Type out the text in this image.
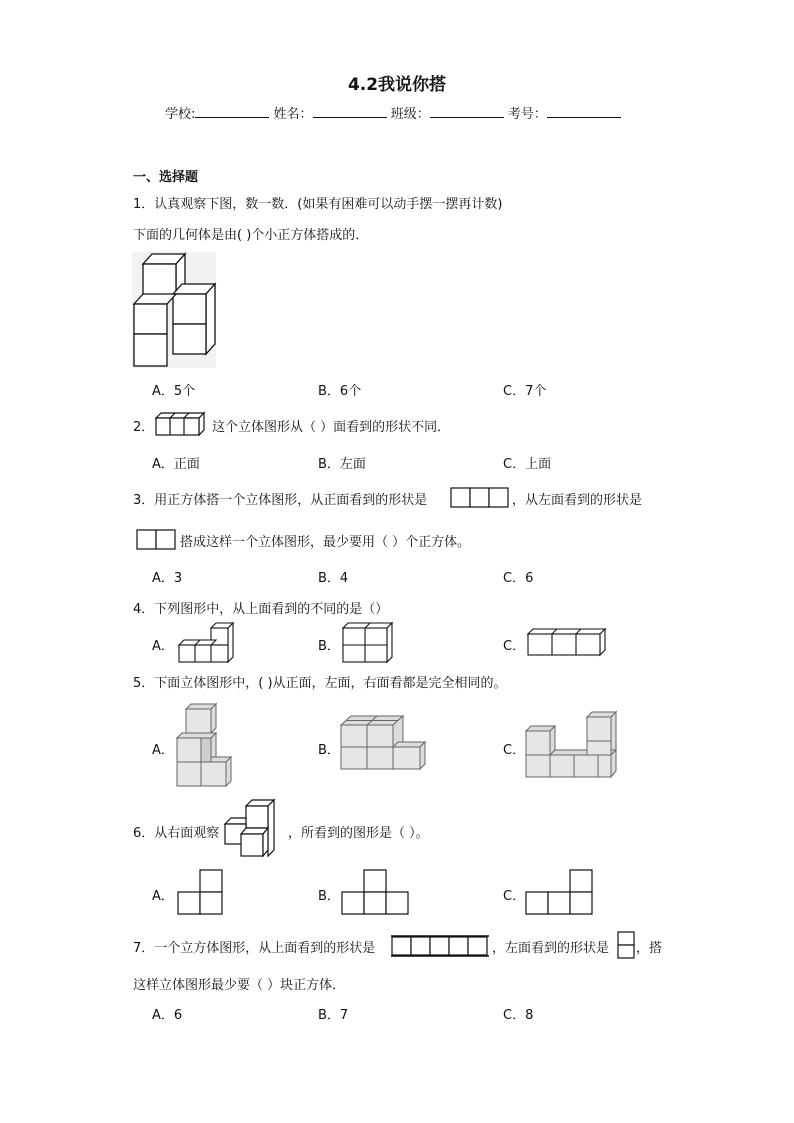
4.2我说你搭
学校:	姓名：	班级：	考号：
一、选择题
1．认真观察下图，数一数．(如果有困难可以动手摆一摆再计数)
下面的几何体是由( )个小正方体搭成的．
A．5个	B．6个	C．7个
2．	这个立体图形从（ ）面看到的形状不同．
A．正面	B．左面	C．上面
3．用正方体搭一个立体图形，从正面看到的形状是	，从左面看到的形状是
搭成这样一个立体图形，最少要用（ ）个正方体。
A．3	B．4	C．6
4．下列图形中，从上面看到的不同的是（）
A．	B．	C．
5．下面立体图形中，( )从正面，左面，右面看都是完全相同的。
A．	B．	C．
6．从右面观察	，所看到的图形是（ ）。
A．	B．	C．
7．一个立方体图形，从上面看到的形状是	，左面看到的形状是 ，搭
这样立体图形最少要（ ）块正方体．
A．6	B．7	C．8
